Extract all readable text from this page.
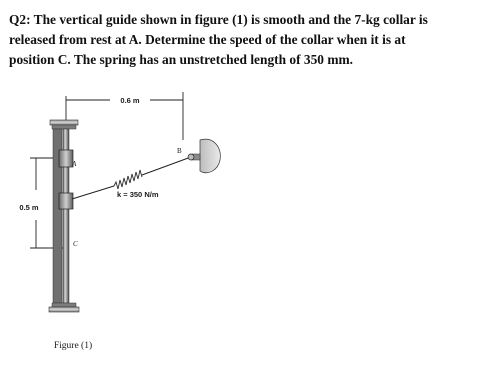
Q2: The vertical guide shown in figure (1) is smooth and the 7-kg collar is
released from rest at A. Determine the speed of the collar when it is at
position C. The spring has an unstretched length of 350 mm.

0.6 m
0.5 m
k = 350 N/m
B
A
C
Figure (1)
